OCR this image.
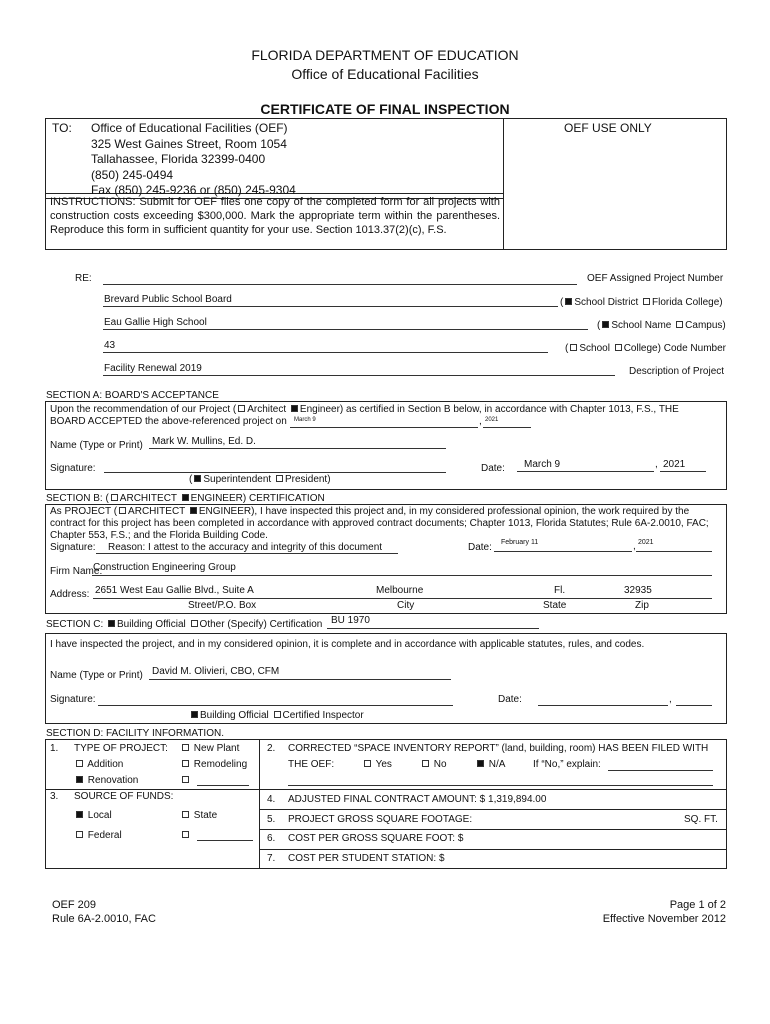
FLORIDA DEPARTMENT OF EDUCATION
Office of Educational Facilities
CERTIFICATE OF FINAL INSPECTION
TO: Office of Educational Facilities (OEF)
325 West Gaines Street, Room 1054
Tallahassee, Florida 32399-0400
(850) 245-0494
Fax (850) 245-9236 or (850) 245-9304
OEF USE ONLY
INSTRUCTIONS: Submit for OEF files one copy of the completed form for all projects with construction costs exceeding $300,000. Mark the appropriate term within the parentheses. Reproduce this form in sufficient quantity for your use. Section 1013.37(2)(c), F.S.
RE:	OEF Assigned Project Number
Brevard Public School Board	( School District Florida College)
Eau Gallie High School	( School Name Campus)
43	( School College) Code Number
Facility Renewal 2019	Description of Project
SECTION A: BOARD'S ACCEPTANCE
Upon the recommendation of our Project ( Architect Engineer) as certified in Section B below, in accordance with Chapter 1013, F.S., THE
BOARD ACCEPTED the above-referenced project on March 9	, 2021
Name (Type or Print) Mark W. Mullins, Ed. D.
Signature:	Date: March 9	, 2021
( Superintendent President)
SECTION B: ( ARCHITECT ENGINEER) CERTIFICATION
As PROJECT ( ARCHITECT ENGINEER), I have inspected this project and, in my considered professional opinion, the work required by the
contract for this project has been completed in accordance with approved contract documents; Chapter 1013, Florida Statutes; Rule 6A-2.0010, FAC;
Chapter 553, F.S.; and the Florida Building Code.
Signature: Reason: I attest to the accuracy and integrity of this document	Date: February 11	, 2021
Firm Name:
Construction Engineering Group
Address: 2651 West Eau Gallie Blvd., Suite A	Melbourne	Fl.	32935
Street/P.O. Box	City	State	Zip
SECTION C: Building Official Other (Specify) Certification BU 1970
I have inspected the project, and in my considered opinion, it is complete and in accordance with applicable statutes, rules, and codes.
Name (Type or Print) David M. Olivieri, CBO, CFM
Signature:	Date:	,
Building Official Certified Inspector
SECTION D: FACILITY INFORMATION.
1. TYPE OF PROJECT:	New Plant
Addition	Remodeling
Renovation
2. CORRECTED “SPACE INVENTORY REPORT” (land, building, room) HAS BEEN FILED WITH
THE OEF:	Yes	No	N/A	If “No,” explain:
3. SOURCE OF FUNDS:
Local	State
Federal
4. ADJUSTED FINAL CONTRACT AMOUNT: $ 1,319,894.00
5. PROJECT GROSS SQUARE FOOTAGE:	SQ. FT.
6. COST PER GROSS SQUARE FOOT: $
7. COST PER STUDENT STATION: $
OEF 209
Rule 6A-2.0010, FAC
Page 1 of 2
Effective November 2012
